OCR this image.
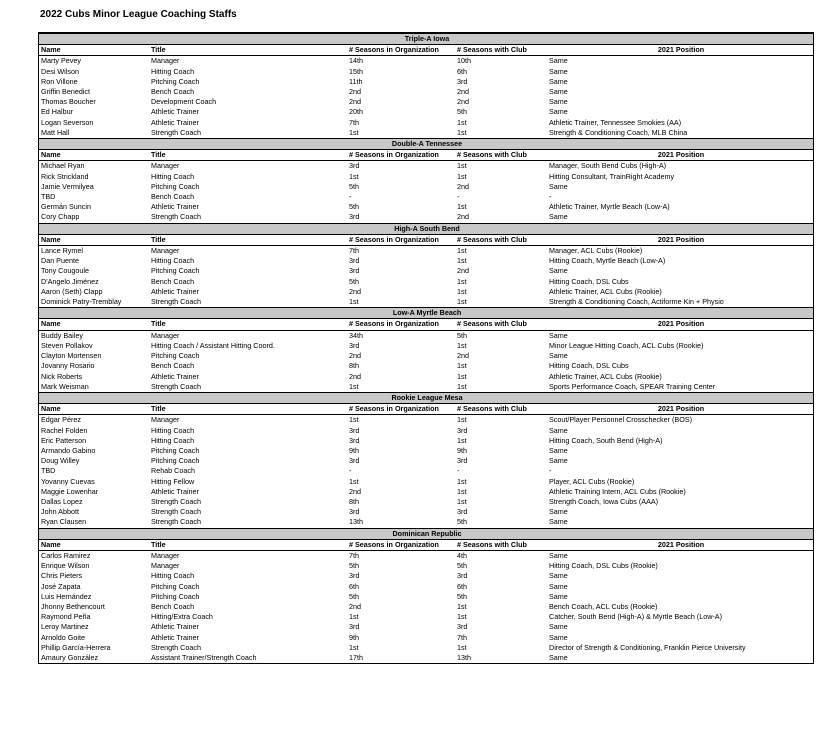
2022 Cubs Minor League Coaching Staffs
Triple-A Iowa				
Name	Title	# Seasons in Organization	# Seasons with Club	2021 Position
Marty Pevey	Manager	14th	10th	Same
Desi Wilson	Hitting Coach	15th	6th	Same
Ron Villone	Pitching Coach	11th	3rd	Same
Griffin Benedict	Bench Coach	2nd	2nd	Same
Thomas Boucher	Development Coach	2nd	2nd	Same
Ed Halbur	Athletic Trainer	20th	5th	Same
Logan Severson	Athletic Trainer	7th	1st	Athletic Trainer, Tennessee Smokies (AA)
Matt Hall	Strength Coach	1st	1st	Strength & Conditioning Coach, MLB China
Double-A Tennessee				
Name	Title	# Seasons in Organization	# Seasons with Club	2021 Position
Michael Ryan	Manager	3rd	1st	Manager, South Bend Cubs (High-A)
Rick Strickland	Hitting Coach	1st	1st	Hitting Consultant, TrainRight Academy
Jamie Vermilyea	Pitching Coach	5th	2nd	Same
TBD	Bench Coach	-	-	-
Germán Suncin	Athletic Trainer	5th	1st	Athletic Trainer, Myrtle Beach (Low-A)
Cory Chapp	Strength Coach	3rd	2nd	Same
High-A South Bend				
Name	Title	# Seasons in Organization	# Seasons with Club	2021 Position
Lance Rymel	Manager	7th	1st	Manager, ACL Cubs (Rookie)
Dan Puente	Hitting Coach	3rd	1st	Hitting Coach, Myrtle Beach (Low-A)
Tony Cougoule	Pitching Coach	3rd	2nd	Same
D'Angelo Jiménez	Bench Coach	5th	1st	Hitting Coach, DSL Cubs
Aaron (Seth) Clapp	Athletic Trainer	2nd	1st	Athletic Trainer, ACL Cubs (Rookie)
Dominick Patry-Tremblay	Strength Coach	1st	1st	Strength & Conditioning Coach, Actiforme Kin + Physio
Low-A Myrtle Beach				
Name	Title	# Seasons in Organization	# Seasons with Club	2021 Position
Buddy Bailey	Manager	34th	5th	Same
Steven Pollakov	Hitting Coach / Assistant Hitting Coord.	3rd	1st	Minor League Hitting Coach, ACL Cubs (Rookie)
Clayton Mortensen	Pitching Coach	2nd	2nd	Same
Jovanny Rosario	Bench Coach	8th	1st	Hitting Coach, DSL Cubs
Nick Roberts	Athletic Trainer	2nd	1st	Athletic Trainer, ACL Cubs (Rookie)
Mark Weisman	Strength Coach	1st	1st	Sports Performance Coach, SPEAR Training Center
Rookie League Mesa				
Name	Title	# Seasons in Organization	# Seasons with Club	2021 Position
Edgar Pérez	Manager	1st	1st	Scout/Player Personnel Crosschecker (BOS)
Rachel Folden	Hitting Coach	3rd	3rd	Same
Eric Patterson	Hitting Coach	3rd	1st	Hitting Coach, South Bend (High-A)
Armando Gabino	Pitching Coach	9th	9th	Same
Doug Willey	Pitching Coach	3rd	3rd	Same
TBD	Rehab Coach	-	-	-
Yovanny Cuevas	Hitting Fellow	1st	1st	Player, ACL Cubs (Rookie)
Maggie Lowenhar	Athletic Trainer	2nd	1st	Athletic Training Intern, ACL Cubs (Rookie)
Dallas Lopez	Strength Coach	8th	1st	Strength Coach, Iowa Cubs (AAA)
John Abbott	Strength Coach	3rd	3rd	Same
Ryan Clausen	Strength Coach	13th	5th	Same
Dominican Republic				
Name	Title	# Seasons in Organization	# Seasons with Club	2021 Position
Carlos Ramirez	Manager	7th	4th	Same
Enrique Wilson	Manager	5th	5th	Hitting Coach, DSL Cubs (Rookie)
Chris Pieters	Hitting Coach	3rd	3rd	Same
José Zapata	Pitching Coach	6th	6th	Same
Luis Hernández	Pitching Coach	5th	5th	Same
Jhonny Bethencourt	Bench Coach	2nd	1st	Bench Coach, ACL Cubs (Rookie)
Raymond Peña	Hitting/Extra Coach	1st	1st	Catcher, South Bend (High-A) & Myrtle Beach (Low-A)
Leroy Martinez	Athletic Trainer	3rd	3rd	Same
Arnoldo Goite	Athletic Trainer	9th	7th	Same
Phillip García-Herrera	Strength Coach	1st	1st	Director of Strength & Conditioning, Franklin Pierce University
Amaury González	Assistant Trainer/Strength Coach	17th	13th	Same
